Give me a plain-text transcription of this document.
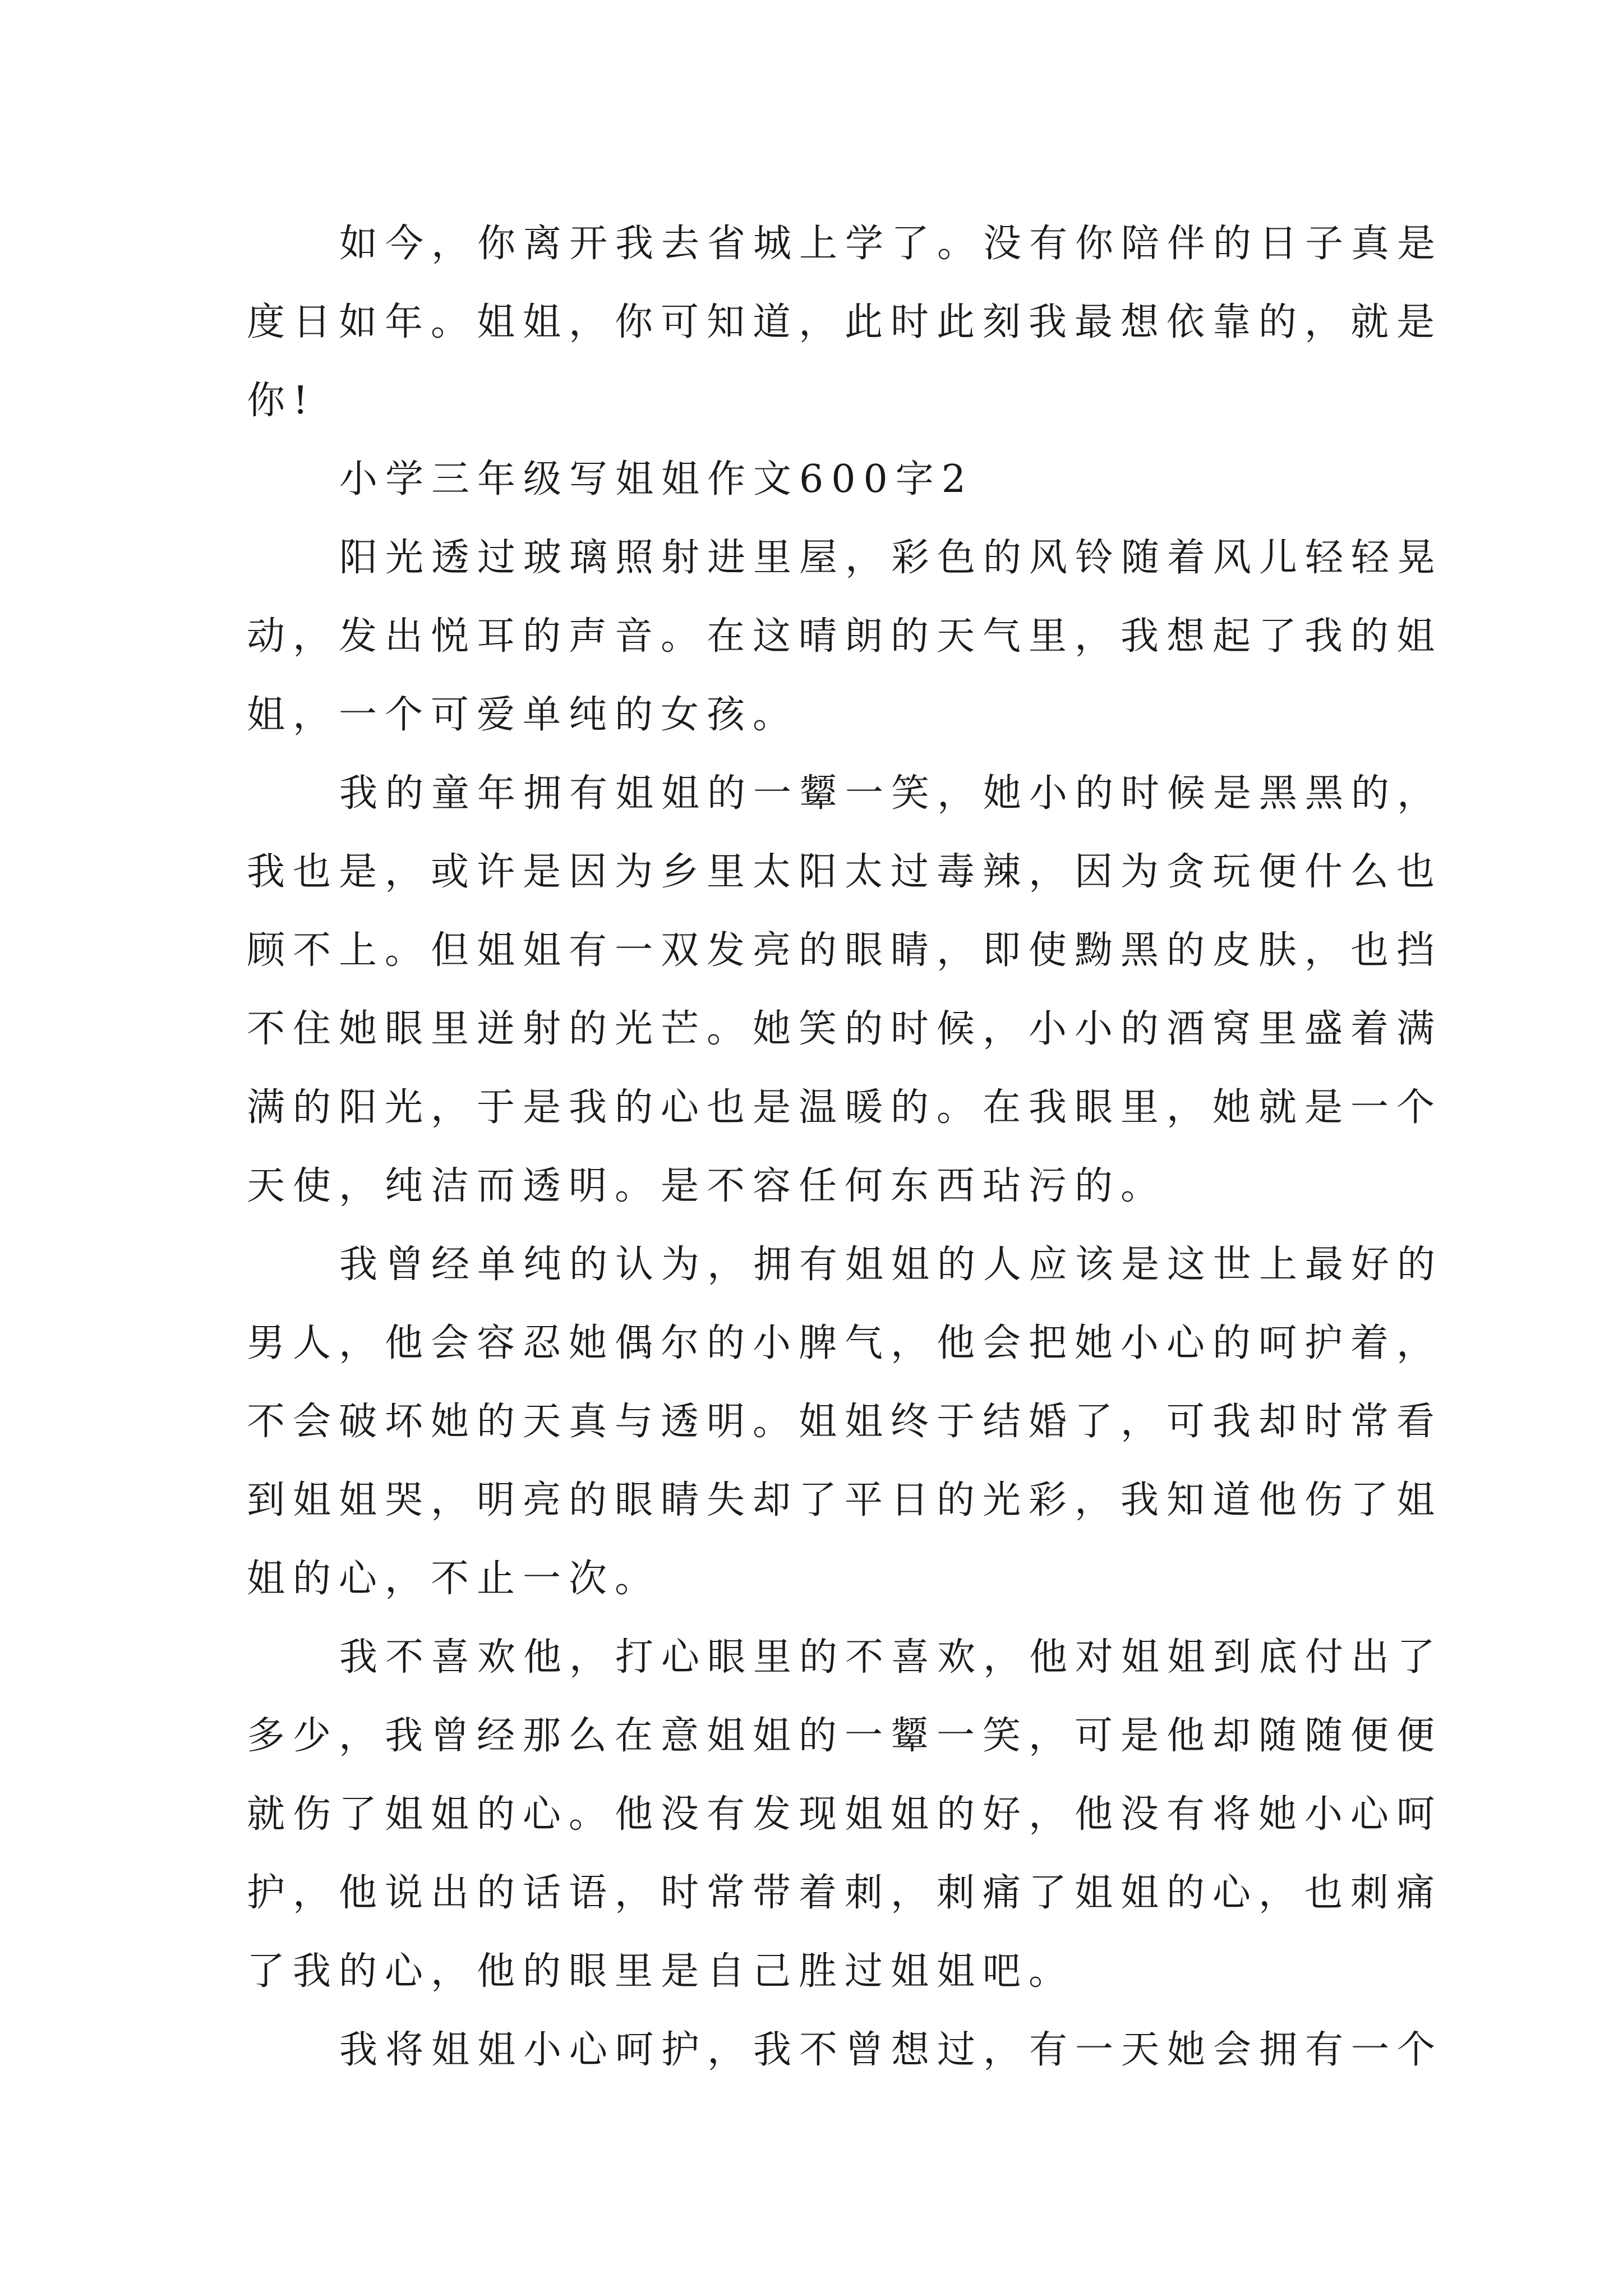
如今，你离开我去省城上学了。没有你陪伴的日子真是

度日如年。姐姐，你可知道，此时此刻我最想依靠的，就是

你!

小学三年级写姐姐作文600字2

阳光透过玻璃照射进里屋，彩色的风铃随着风儿轻轻晃

动，发出悦耳的声音。在这晴朗的天气里，我想起了我的姐

姐，一个可爱单纯的女孩。

我的童年拥有姐姐的一颦一笑，她小的时候是黑黑的，

我也是，或许是因为乡里太阳太过毒辣，因为贪玩便什么也

顾不上。但姐姐有一双发亮的眼睛，即使黝黑的皮肤，也挡

不住她眼里迸射的光芒。她笑的时候，小小的酒窝里盛着满

满的阳光，于是我的心也是温暖的。在我眼里，她就是一个

天使，纯洁而透明。是不容任何东西玷污的。

我曾经单纯的认为，拥有姐姐的人应该是这世上最好的

男人，他会容忍她偶尔的小脾气，他会把她小心的呵护着，

不会破坏她的天真与透明。姐姐终于结婚了，可我却时常看

到姐姐哭，明亮的眼睛失却了平日的光彩，我知道他伤了姐

姐的心，不止一次。

我不喜欢他，打心眼里的不喜欢，他对姐姐到底付出了

多少，我曾经那么在意姐姐的一颦一笑，可是他却随随便便

就伤了姐姐的心。他没有发现姐姐的好，他没有将她小心呵

护，他说出的话语，时常带着刺，刺痛了姐姐的心，也刺痛

了我的心，他的眼里是自己胜过姐姐吧。

我将姐姐小心呵护，我不曾想过，有一天她会拥有一个
